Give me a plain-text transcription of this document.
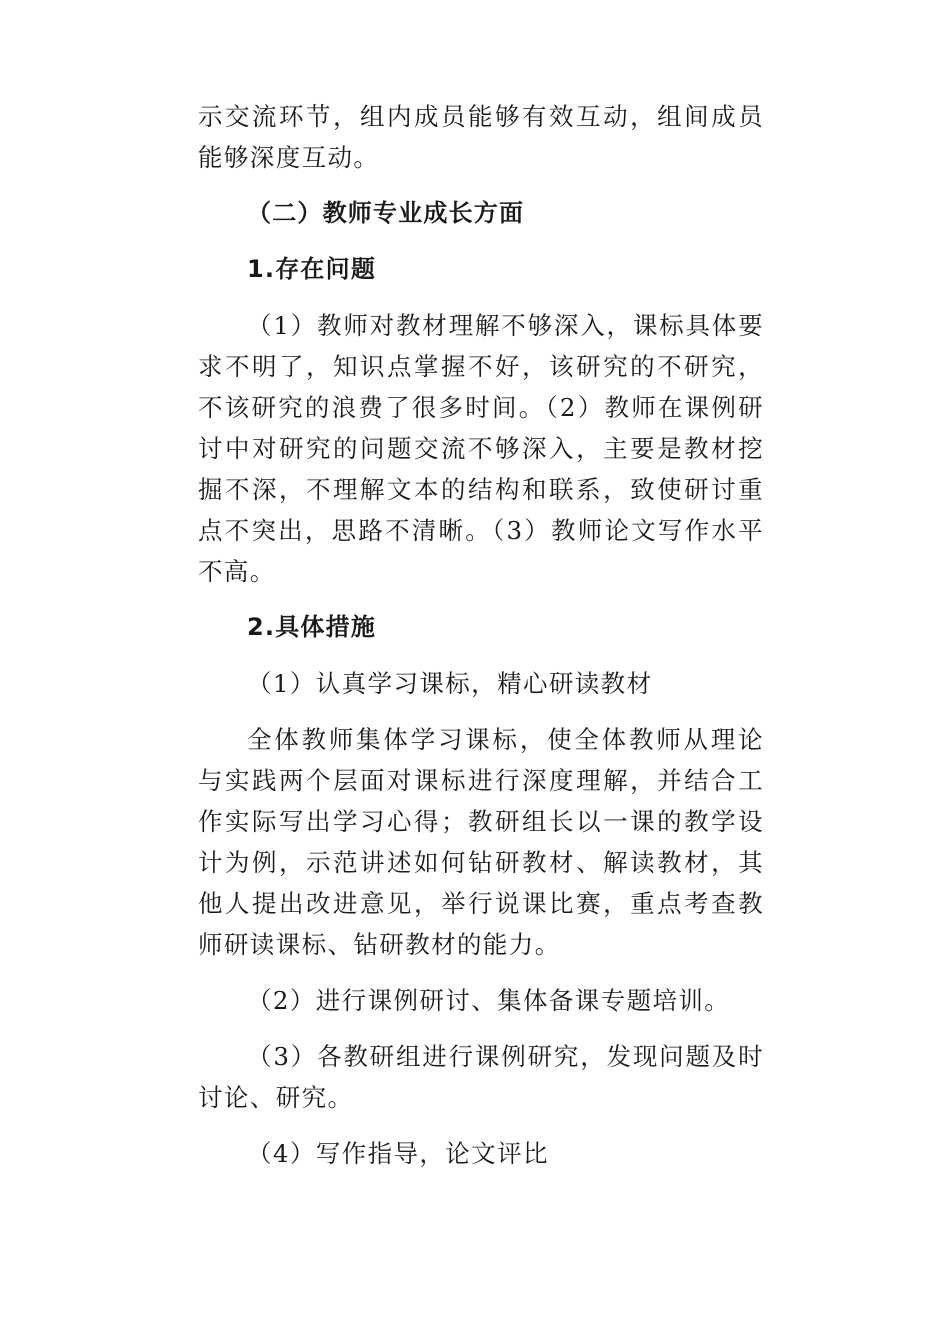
示交流环节，组内成员能够有效互动，组间成员能够深度互动。

（二）教师专业成长方面

1.存在问题

（1）教师对教材理解不够深入，课标具体要求不明了，知识点掌握不好，该研究的不研究，不该研究的浪费了很多时间。（2）教师在课例研讨中对研究的问题交流不够深入，主要是教材挖掘不深，不理解文本的结构和联系，致使研讨重点不突出，思路不清晰。（3）教师论文写作水平不高。

2.具体措施

（1）认真学习课标，精心研读教材

全体教师集体学习课标，使全体教师从理论与实践两个层面对课标进行深度理解，并结合工作实际写出学习心得；教研组长以一课的教学设计为例，示范讲述如何钻研教材、解读教材，其他人提出改进意见，举行说课比赛，重点考查教师研读课标、钻研教材的能力。

（2）进行课例研讨、集体备课专题培训。

（3）各教研组进行课例研究，发现问题及时讨论、研究。

（4）写作指导，论文评比
